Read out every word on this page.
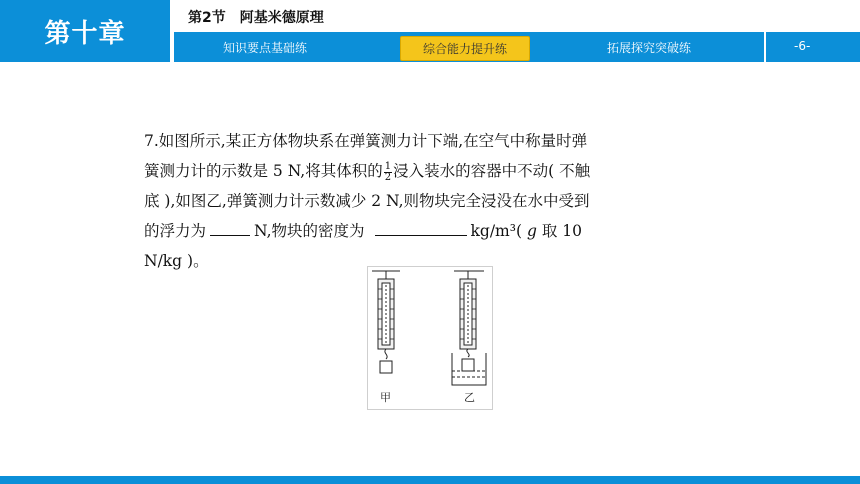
第十章
第2节 阿基米德原理
知识要点基础练	综合能力提升练	拓展探究突破练	-6-
7.如图所示,某正方体物块系在弹簧测力计下端,在空气中称量时弹
簧测力计的示数是 5 N,将其体积的 $\frac{1}{2}$ 浸入装水的容器中不动( 不触
底 ),如图乙,弹簧测力计示数减少 2 N,则物块完全浸没在水中受到
的浮力为	N,物块的密度为	kg/m³( g 取 10
N/kg )。
甲	乙
